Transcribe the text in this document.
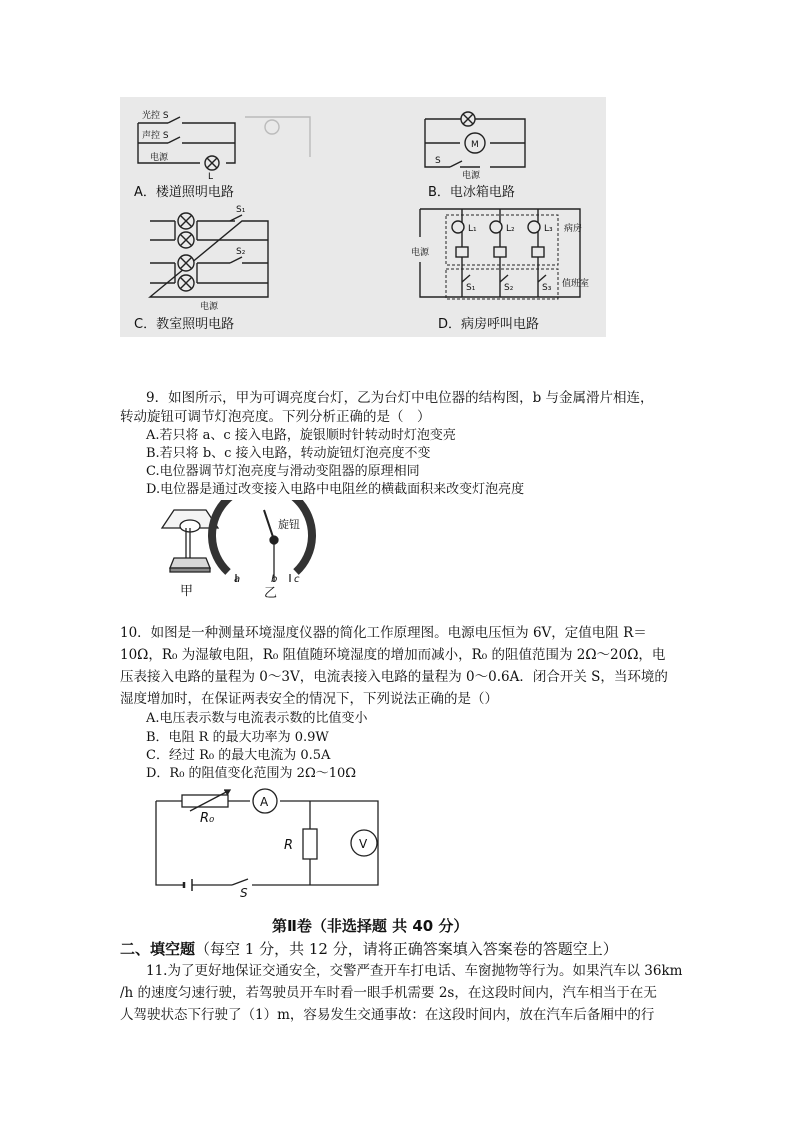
光控 S
声控 S
电源
L
M
S
电源
S₁
S₂
电源
电源
病房
值班室
L₁	L₂	L₃
S₁	S₂	S₃
A．楼道照明电路	B．电冰箱电路
C．教室照明电路	D．病房呼叫电路
9．如图所示，甲为可调亮度台灯，乙为台灯中电位器的结构图，b 与金属滑片相连，
转动旋钮可调节灯泡亮度。下列分析正确的是（　）
A.若只将 a、c 接入电路，旋银顺时针转动时灯泡变亮
B.若只将 b、c 接入电路，转动旋钮灯泡亮度不变
C.电位器调节灯泡亮度与滑动变阻器的原理相同
D.电位器是通过改变接入电路中电阻丝的横截面积来改变灯泡亮度
旋钮
a	b c
甲	乙
10．如图是一种测量环境湿度仪器的简化工作原理图。电源电压恒为 6V，定值电阻 R＝
10Ω，R₀ 为湿敏电阻，R₀ 阻值随环境湿度的增加而减小，R₀ 的阻值范围为 2Ω～20Ω，电
压表接入电路的量程为 0～3V，电流表接入电路的量程为 0～0.6A．闭合开关 S，当环境的
湿度增加时，在保证两表安全的情况下，下列说法正确的是（）
A.电压表示数与电流表示数的比值变小
B．电阻 R 的最大功率为 0.9W
C．经过 R₀ 的最大电流为 0.5A
D．R₀ 的阻值变化范围为 2Ω～10Ω
R₀
A
R	V
S
第Ⅱ卷（非选择题 共 40 分）
二、填空题（每空 1 分，共 12 分，请将正确答案填入答案卷的答题空上）
11.为了更好地保证交通安全，交警严查开车打电话、车窗抛物等行为。如果汽车以 36km
/h 的速度匀速行驶，若驾驶员开车时看一眼手机需要 2s，在这段时间内，汽车相当于在无
人驾驶状态下行驶了（1）m，容易发生交通事故：在这段时间内，放在汽车后备厢中的行
